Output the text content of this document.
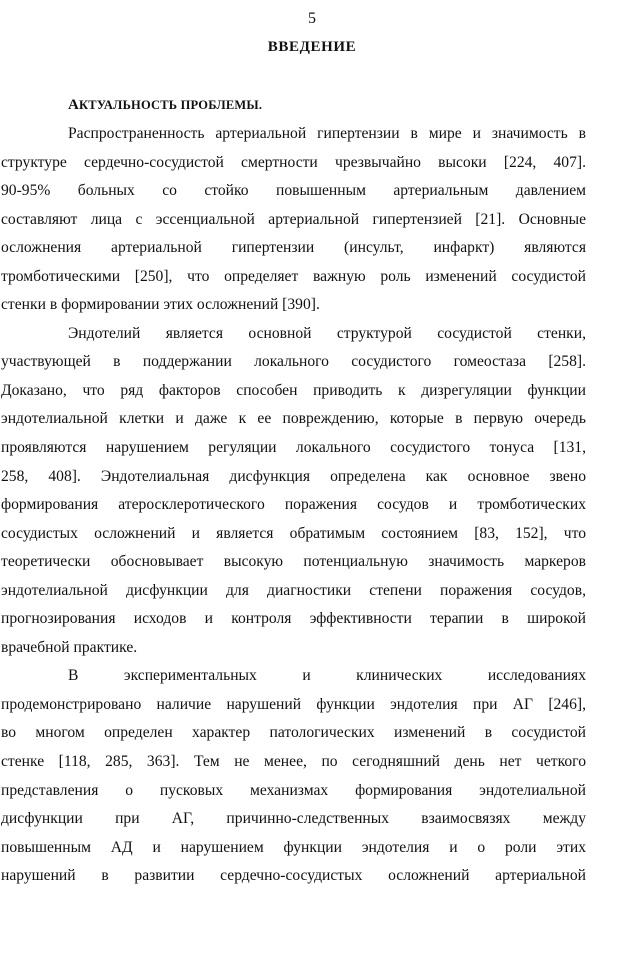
5
ВВЕДЕНИЕ
АКТУАЛЬНОСТЬ ПРОБЛЕМЫ.
Распространенность артериальной гипертензии в мире и значимость в
структуре сердечно-сосудистой смертности чрезвычайно высоки [224, 407].
90-95% больных со стойко повышенным артериальным давлением
составляют лица с эссенциальной артериальной гипертензией [21]. Основные
осложнения артериальной гипертензии (инсульт, инфаркт) являются
тромботическими [250], что определяет важную роль изменений сосудистой
стенки в формировании этих осложнений [390].
Эндотелий является основной структурой сосудистой стенки,
участвующей в поддержании локального сосудистого гомеостаза [258].
Доказано, что ряд факторов способен приводить к дизрегуляции функции
эндотелиальной клетки и даже к ее повреждению, которые в первую очередь
проявляются нарушением регуляции локального сосудистого тонуса [131,
258, 408]. Эндотелиальная дисфункция определена как основное звено
формирования атеросклеротического поражения сосудов и тромботических
сосудистых осложнений и является обратимым состоянием [83, 152], что
теоретически обосновывает высокую потенциальную значимость маркеров
эндотелиальной дисфункции для диагностики степени поражения сосудов,
прогнозирования исходов и контроля эффективности терапии в широкой
врачебной практике.
В экспериментальных и клинических исследованиях
продемонстрировано наличие нарушений функции эндотелия при АГ [246],
во многом определен характер патологических изменений в сосудистой
стенке [118, 285, 363]. Тем не менее, по сегодняшний день нет четкого
представления о пусковых механизмах формирования эндотелиальной
дисфункции при АГ, причинно-следственных взаимосвязях между
повышенным АД и нарушением функции эндотелия и о роли этих
нарушений в развитии сердечно-сосудистых осложнений артериальной
